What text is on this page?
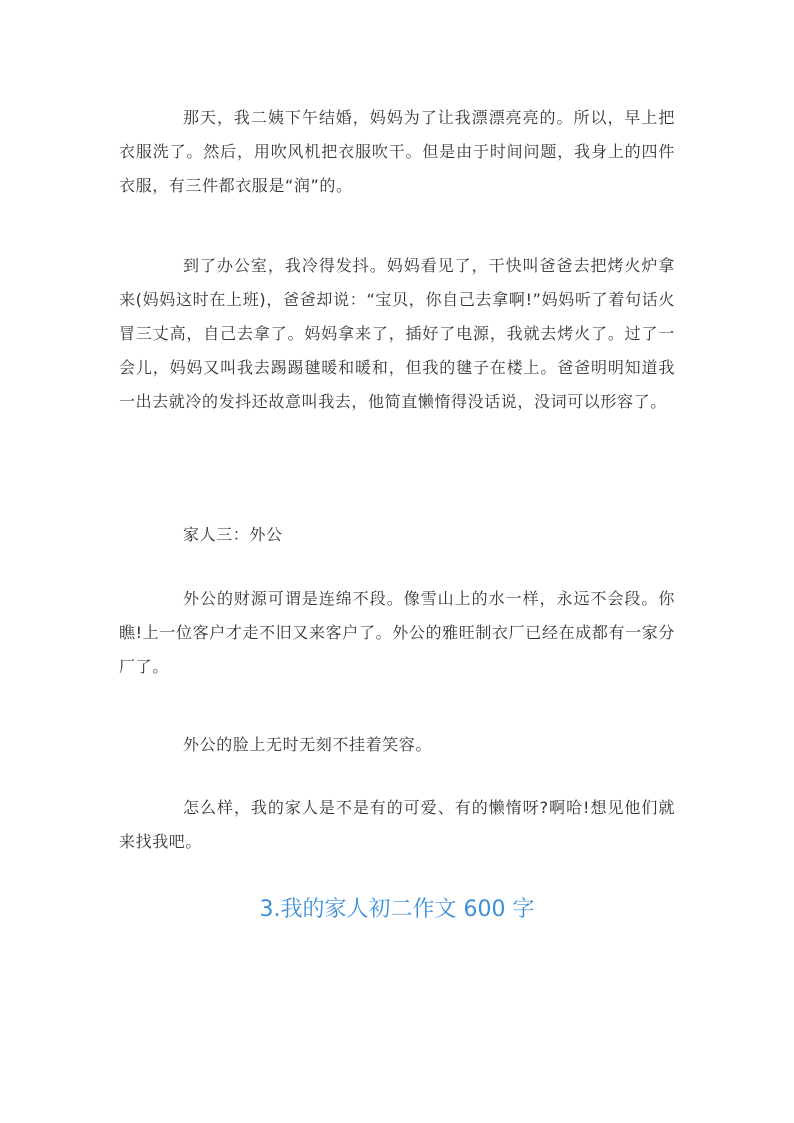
那天，我二姨下午结婚，妈妈为了让我漂漂亮亮的。所以，早上把衣服洗了。然后，用吹风机把衣服吹干。但是由于时间问题，我身上的四件衣服，有三件都衣服是“润”的。

到了办公室，我冷得发抖。妈妈看见了，干快叫爸爸去把烤火炉拿来(妈妈这时在上班)，爸爸却说：“宝贝，你自己去拿啊!”妈妈听了着句话火冒三丈高，自己去拿了。妈妈拿来了，插好了电源，我就去烤火了。过了一会儿，妈妈又叫我去踢踢毽暖和暖和，但我的毽子在楼上。爸爸明明知道我一出去就冷的发抖还故意叫我去，他简直懒惰得没话说，没词可以形容了。

家人三：外公

外公的财源可谓是连绵不段。像雪山上的水一样，永远不会段。你瞧!上一位客户才走不旧又来客户了。外公的雅旺制衣厂已经在成都有一家分厂了。

外公的脸上无时无刻不挂着笑容。

怎么样，我的家人是不是有的可爱、有的懒惰呀?啊哈!想见他们就来找我吧。

3.我的家人初二作文 600 字
